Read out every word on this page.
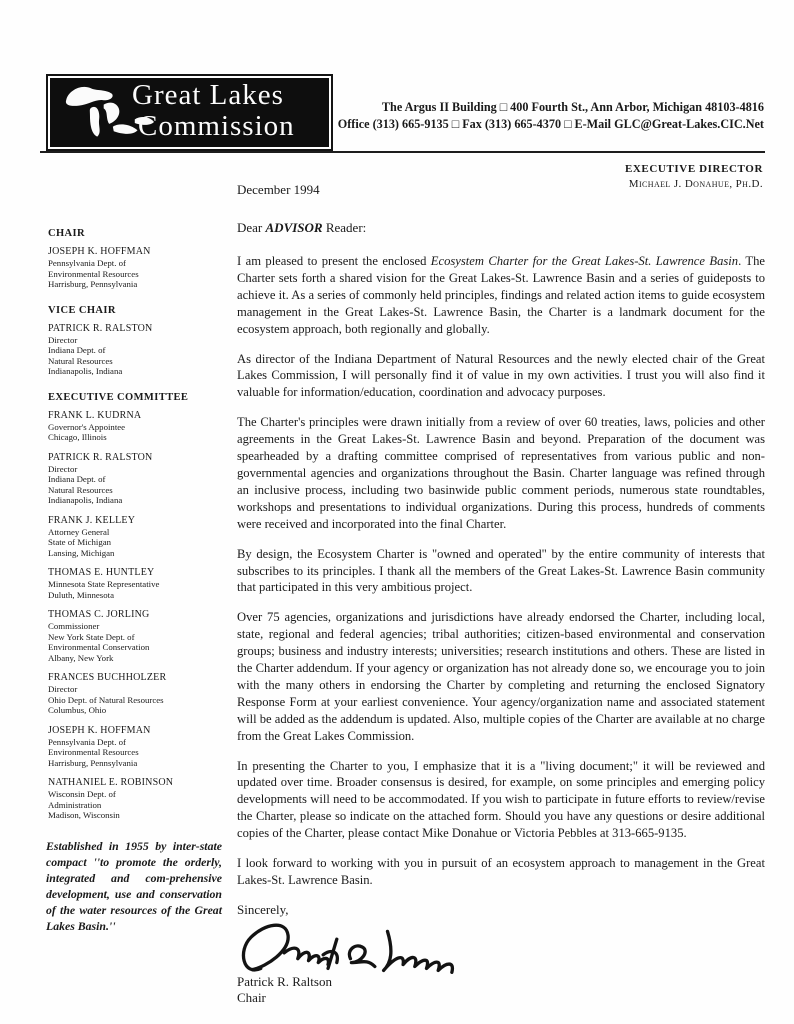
Great Lakes
Commission
The Argus II Building □ 400 Fourth St., Ann Arbor, Michigan 48103-4816
Office (313) 665-9135 □ Fax (313) 665-4370 □ E-Mail GLC@Great-Lakes.CIC.Net
EXECUTIVE DIRECTOR
Michael J. Donahue, Ph.D.
CHAIR
JOSEPH K. HOFFMAN
Pennsylvania Dept. of
Environmental Resources
Harrisburg, Pennsylvania
VICE CHAIR
PATRICK R. RALSTON
Director
Indiana Dept. of
Natural Resources
Indianapolis, Indiana
EXECUTIVE COMMITTEE
FRANK L. KUDRNA
Governor's Appointee
Chicago, Illinois
PATRICK R. RALSTON
Director
Indiana Dept. of
Natural Resources
Indianapolis, Indiana
FRANK J. KELLEY
Attorney General
State of Michigan
Lansing, Michigan
THOMAS E. HUNTLEY
Minnesota State Representative
Duluth, Minnesota
THOMAS C. JORLING
Commissioner
New York State Dept. of
Environmental Conservation
Albany, New York
FRANCES BUCHHOLZER
Director
Ohio Dept. of Natural Resources
Columbus, Ohio
JOSEPH K. HOFFMAN
Pennsylvania Dept. of
Environmental Resources
Harrisburg, Pennsylvania
NATHANIEL E. ROBINSON
Wisconsin Dept. of
Administration
Madison, Wisconsin
Established in 1955 by inter-state compact ''to promote the orderly, integrated and com-prehensive development, use and conservation of the water resources of the Great Lakes Basin.''
December 1994
Dear ADVISOR Reader:

I am pleased to present the enclosed Ecosystem Charter for the Great Lakes-St. Lawrence Basin. The Charter sets forth a shared vision for the Great Lakes-St. Lawrence Basin and a series of guideposts to achieve it. As a series of commonly held principles, findings and related action items to guide ecosystem management in the Great Lakes-St. Lawrence Basin, the Charter is a landmark document for the ecosystem approach, both regionally and globally.

As director of the Indiana Department of Natural Resources and the newly elected chair of the Great Lakes Commission, I will personally find it of value in my own activities. I trust you will also find it valuable for information/education, coordination and advocacy purposes.

The Charter's principles were drawn initially from a review of over 60 treaties, laws, policies and other agreements in the Great Lakes-St. Lawrence Basin and beyond. Preparation of the document was spearheaded by a drafting committee comprised of representatives from various public and non-governmental agencies and organizations throughout the Basin. Charter language was refined through an inclusive process, including two basinwide public comment periods, numerous state roundtables, workshops and presentations to individual organizations. During this process, hundreds of comments were received and incorporated into the final Charter.

By design, the Ecosystem Charter is "owned and operated" by the entire community of interests that subscribes to its principles. I thank all the members of the Great Lakes-St. Lawrence Basin community that participated in this very ambitious project.

Over 75 agencies, organizations and jurisdictions have already endorsed the Charter, including local, state, regional and federal agencies; tribal authorities; citizen-based environmental and conservation groups; business and industry interests; universities; research institutions and others. These are listed in the Charter addendum. If your agency or organization has not already done so, we encourage you to join with the many others in endorsing the Charter by completing and returning the enclosed Signatory Response Form at your earliest convenience. Your agency/organization name and associated statement will be added as the addendum is updated. Also, multiple copies of the Charter are available at no charge from the Great Lakes Commission.

In presenting the Charter to you, I emphasize that it is a "living document;" it will be reviewed and updated over time. Broader consensus is desired, for example, on some principles and emerging policy developments will need to be accommodated. If you wish to participate in future efforts to review/revise the Charter, please so indicate on the attached form. Should you have any questions or desire additional copies of the Charter, please contact Mike Donahue or Victoria Pebbles at 313-665-9135.

I look forward to working with you in pursuit of an ecosystem approach to management in the Great Lakes-St. Lawrence Basin.

Sincerely,
Patrick R. Raltson
Chair
